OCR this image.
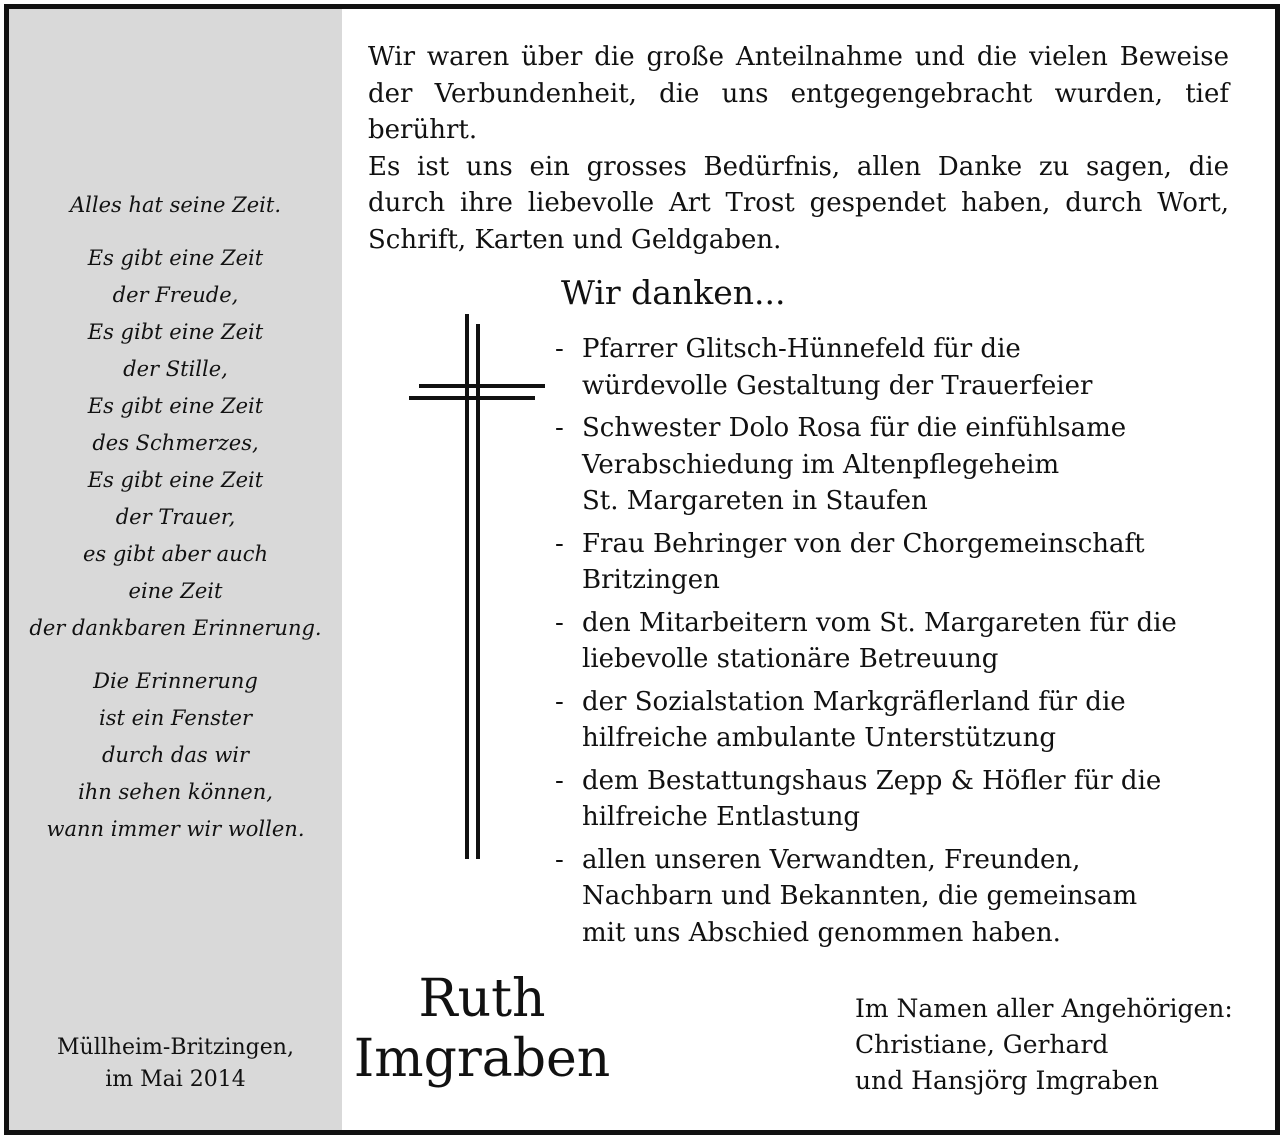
Alles hat seine Zeit.
Es gibt eine Zeit
der Freude,
Es gibt eine Zeit
der Stille,
Es gibt eine Zeit
des Schmerzes,
Es gibt eine Zeit
der Trauer,
es gibt aber auch
eine Zeit
der dankbaren Erinnerung.
Die Erinnerung
ist ein Fenster
durch das wir
ihn sehen können,
wann immer wir wollen.
Müllheim-Britzingen,
im Mai 2014

Wir waren über die große Anteilnahme und die vielen Beweise der Verbundenheit, die uns entgegengebracht wurden, tief berührt.

Es ist uns ein grosses Bedürfnis, allen Danke zu sagen, die durch ihre liebevolle Art Trost gespendet haben, durch Wort, Schrift, Karten und Geldgaben.

Wir danken...
- Pfarrer Glitsch-Hünnefeld für die
würdevolle Gestaltung der Trauerfeier
- Schwester Dolo Rosa für die einfühlsame
Verabschiedung im Altenpflegeheim
St. Margareten in Staufen
- Frau Behringer von der Chorgemeinschaft
Britzingen
- den Mitarbeitern vom St. Margareten für die
liebevolle stationäre Betreuung
- der Sozialstation Markgräflerland für die
hilfreiche ambulante Unterstützung
- dem Bestattungshaus Zepp & Höfler für die
hilfreiche Entlastung
- allen unseren Verwandten, Freunden,
Nachbarn und Bekannten, die gemeinsam
mit uns Abschied genommen haben.
Ruth
Imgraben
Im Namen aller Angehörigen:
Christiane, Gerhard
und Hansjörg Imgraben
